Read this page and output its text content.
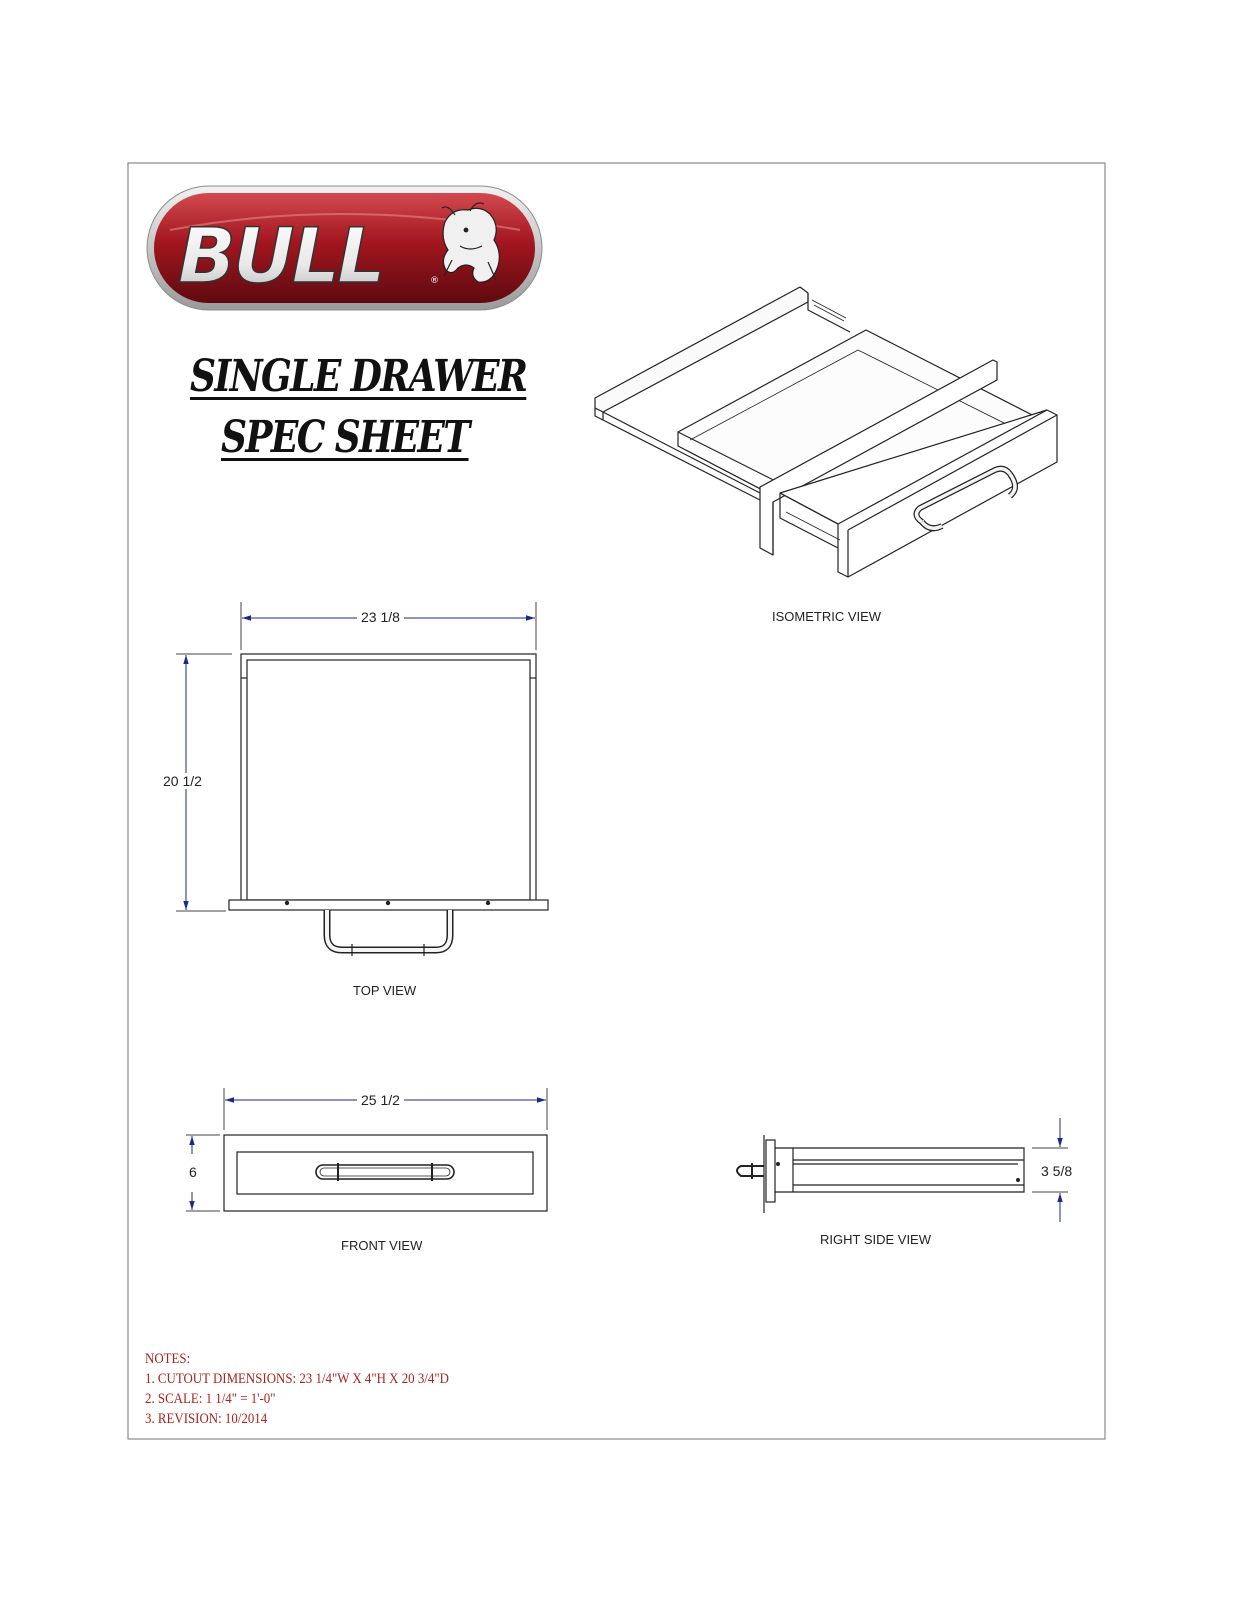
BULL	®
SINGLE DRAWER
SPEC SHEET
ISOMETRIC VIEW
TOP VIEW
FRONT VIEW	RIGHT SIDE VIEW
23 1/8
20 1/2
25 1/2
6	3 5/8
NOTES:
1. CUTOUT DIMENSIONS: 23 1/4"W X 4"H X 20 3/4"D
2. SCALE: 1 1/4" = 1'-0"
3. REVISION: 10/2014
